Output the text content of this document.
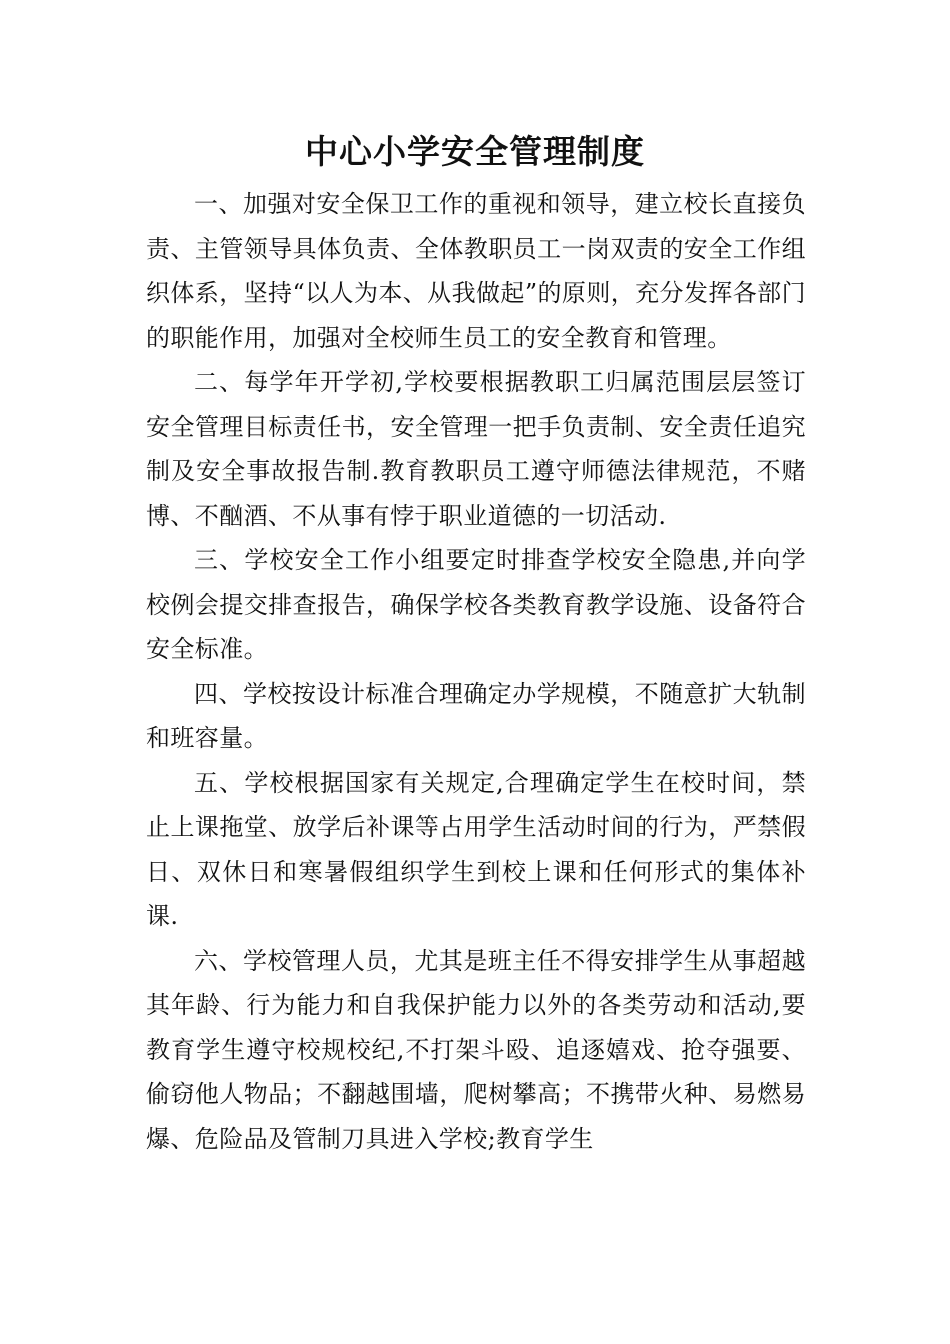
中心小学安全管理制度

一、加强对安全保卫工作的重视和领导，建立校长直接负责、主管领导具体负责、全体教职员工一岗双责的安全工作组织体系，坚持“以人为本、从我做起”的原则，充分发挥各部门的职能作用，加强对全校师生员工的安全教育和管理。

二、每学年开学初,学校要根据教职工归属范围层层签订安全管理目标责任书，安全管理一把手负责制、安全责任追究制及安全事故报告制.教育教职员工遵守师德法律规范，不赌博、不酗酒、不从事有悖于职业道德的一切活动.

三、学校安全工作小组要定时排查学校安全隐患,并向学校例会提交排查报告，确保学校各类教育教学设施、设备符合安全标准。

四、学校按设计标准合理确定办学规模，不随意扩大轨制和班容量。

五、学校根据国家有关规定,合理确定学生在校时间，禁止上课拖堂、放学后补课等占用学生活动时间的行为，严禁假日、双休日和寒暑假组织学生到校上课和任何形式的集体补课.

六、学校管理人员，尤其是班主任不得安排学生从事超越其年龄、行为能力和自我保护能力以外的各类劳动和活动,要教育学生遵守校规校纪,不打架斗殴、追逐嬉戏、抢夺强要、偷窃他人物品；不翻越围墙，爬树攀高；不携带火种、易燃易爆、危险品及管制刀具进入学校;教育学生
